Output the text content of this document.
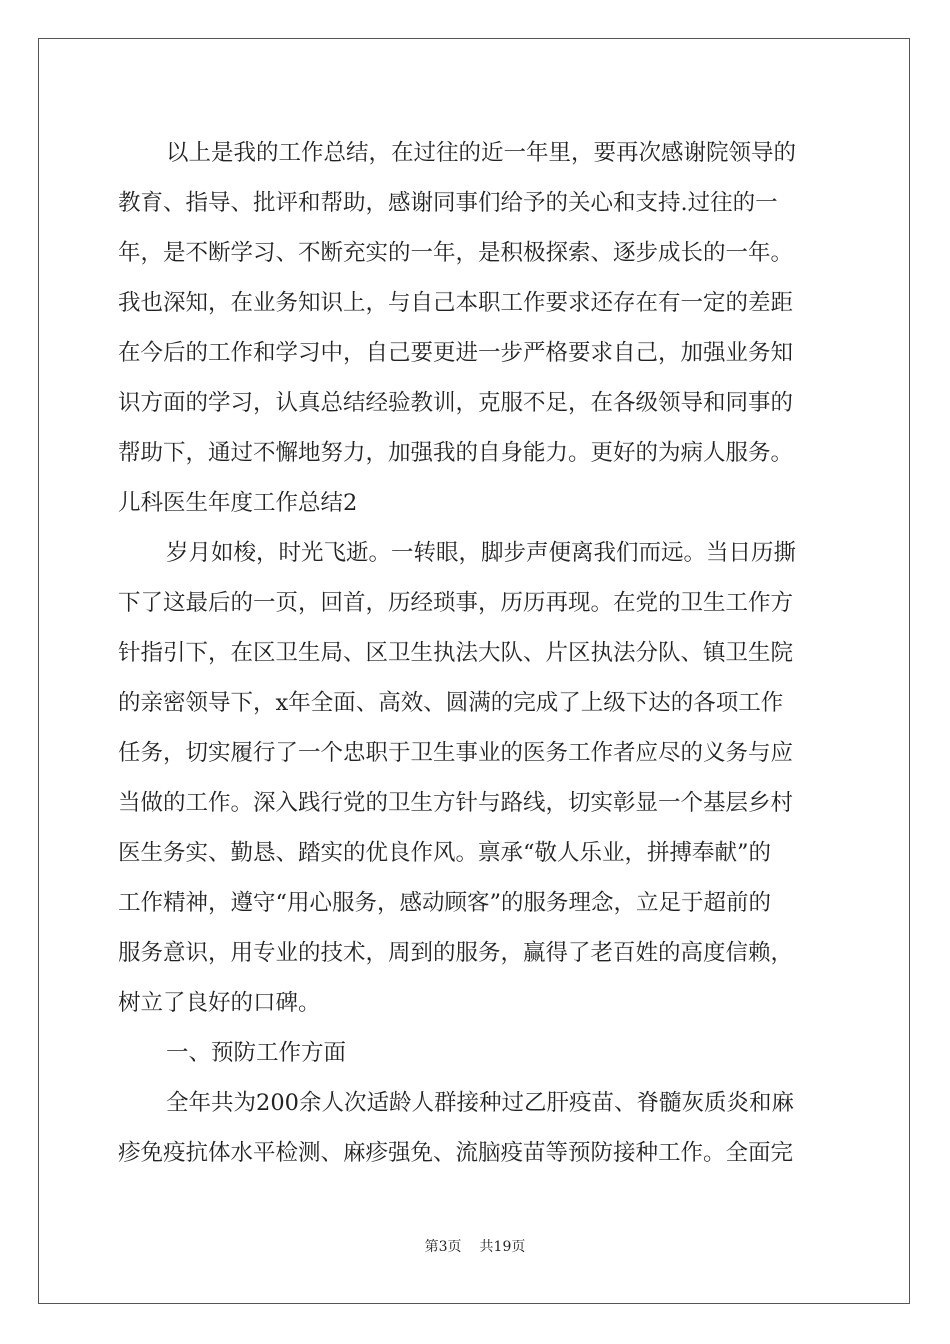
以上是我的工作总结，在过往的近一年里，要再次感谢院领导的
教育、指导、批评和帮助，感谢同事们给予的关心和支持.过往的一
年，是不断学习、不断充实的一年，是积极探索、逐步成长的一年。
我也深知，在业务知识上，与自己本职工作要求还存在有一定的差距
在今后的工作和学习中，自己要更进一步严格要求自己，加强业务知
识方面的学习，认真总结经验教训，克服不足，在各级领导和同事的
帮助下，通过不懈地努力，加强我的自身能力。更好的为病人服务。
儿科医生年度工作总结2
岁月如梭，时光飞逝。一转眼，脚步声便离我们而远。当日历撕
下了这最后的一页，回首，历经琐事，历历再现。在党的卫生工作方
针指引下，在区卫生局、区卫生执法大队、片区执法分队、镇卫生院
的亲密领导下，x年全面、高效、圆满的完成了上级下达的各项工作
任务，切实履行了一个忠职于卫生事业的医务工作者应尽的义务与应
当做的工作。深入践行党的卫生方针与路线，切实彰显一个基层乡村
医生务实、勤恳、踏实的优良作风。禀承“敬人乐业，拼搏奉献”的
工作精神，遵守“用心服务，感动顾客”的服务理念，立足于超前的
服务意识，用专业的技术，周到的服务，赢得了老百姓的高度信赖，
树立了良好的口碑。
一、预防工作方面
全年共为200余人次适龄人群接种过乙肝疫苗、脊髓灰质炎和麻
疹免疫抗体水平检测、麻疹强免、流脑疫苗等预防接种工作。全面完
第3页 共19页
